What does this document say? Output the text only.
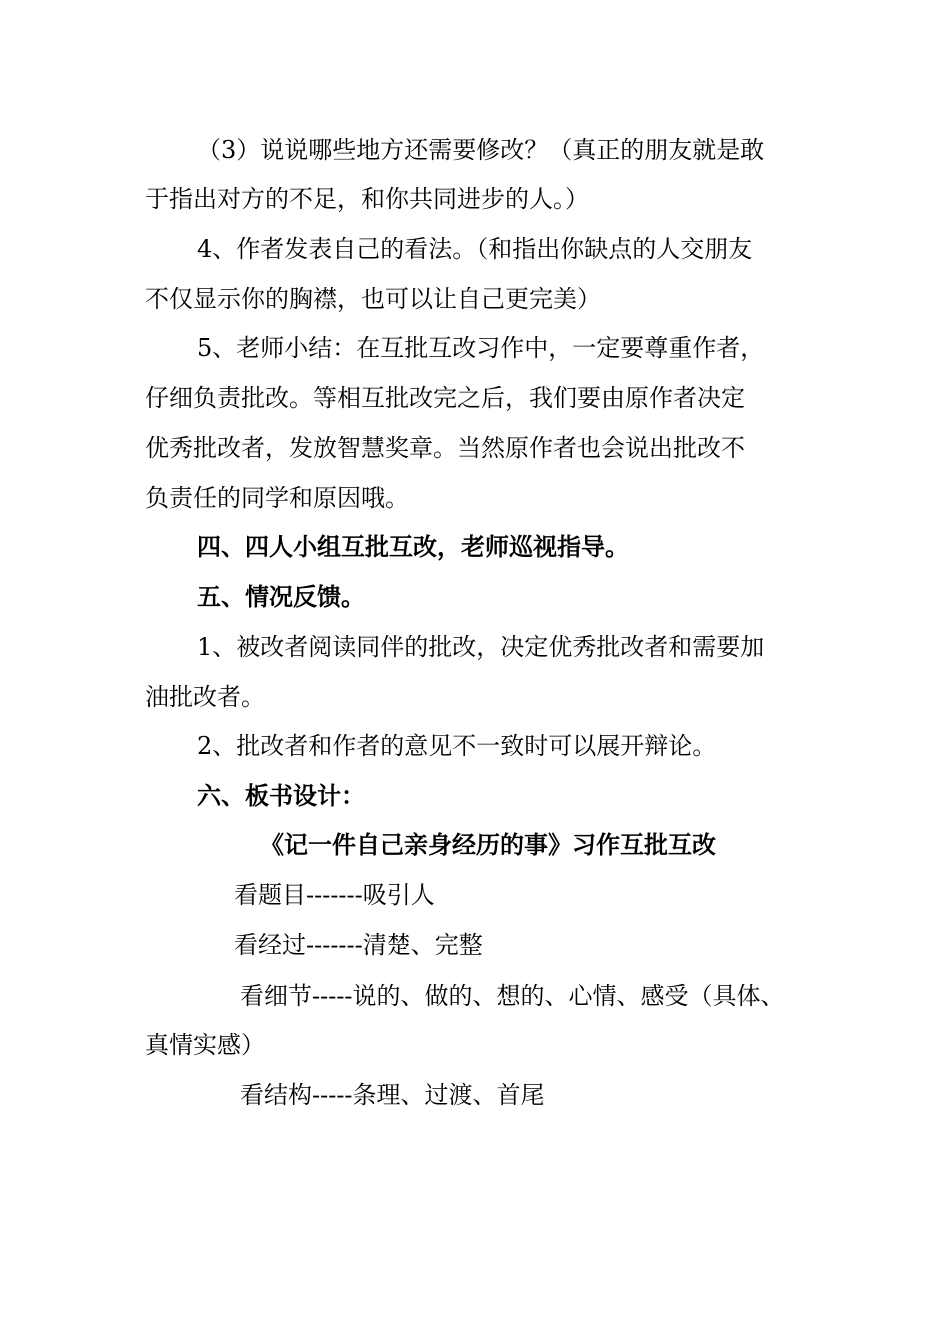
（3）说说哪些地方还需要修改？（真正的朋友就是敢
于指出对方的不足，和你共同进步的人。）
4、作者发表自己的看法。（和指出你缺点的人交朋友
不仅显示你的胸襟，也可以让自己更完美）
5、老师小结：在互批互改习作中，一定要尊重作者，
仔细负责批改。等相互批改完之后，我们要由原作者决定
优秀批改者，发放智慧奖章。当然原作者也会说出批改不
负责任的同学和原因哦。
四、四人小组互批互改，老师巡视指导。
五、情况反馈。
1、被改者阅读同伴的批改，决定优秀批改者和需要加
油批改者。
2、批改者和作者的意见不一致时可以展开辩论。
六、板书设计：
《记一件自己亲身经历的事》习作互批互改
看题目-------吸引人
看经过-------清楚、完整
看细节-----说的、做的、想的、心情、感受（具体、
真情实感）
看结构-----条理、过渡、首尾
